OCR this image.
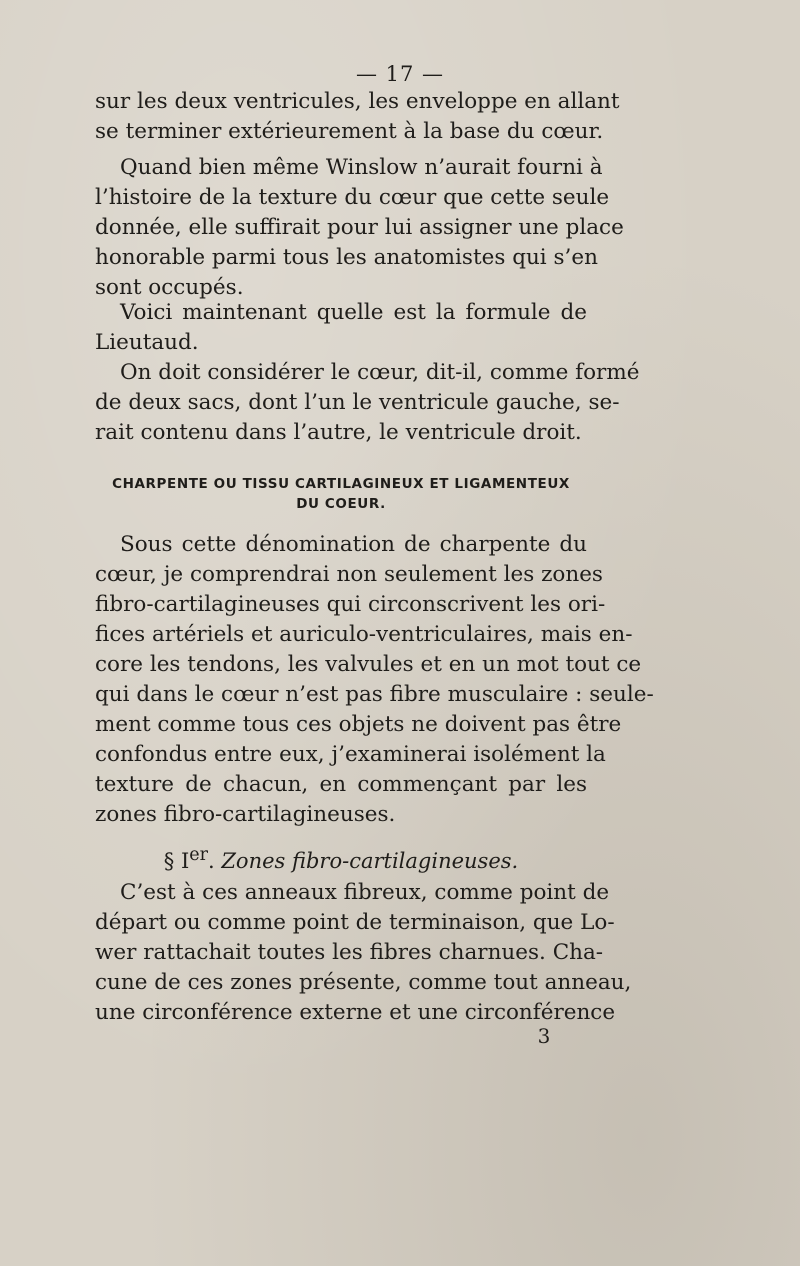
— 17 —
sur les deux ventricules, les enveloppe en allant
se terminer extérieurement à la base du cœur.
Quand bien même Winslow n’aurait fourni à
l’histoire de la texture du cœur que cette seule
donnée, elle suffirait pour lui assigner une place
honorable parmi tous les anatomistes qui s’en
sont occupés.
Voici maintenant quelle est la formule de
Lieutaud.
On doit considérer le cœur, dit-il, comme formé
de deux sacs, dont l’un le ventricule gauche, se-
rait contenu dans l’autre, le ventricule droit.
CHARPENTE OU TISSU CARTILAGINEUX ET LIGAMENTEUX
DU COEUR.
Sous cette dénomination de charpente du
cœur, je comprendrai non seulement les zones
fibro-cartilagineuses qui circonscrivent les ori-
fices artériels et auriculo-ventriculaires, mais en-
core les tendons, les valvules et en un mot tout ce
qui dans le cœur n’est pas fibre musculaire : seule-
ment comme tous ces objets ne doivent pas être
confondus entre eux, j’examinerai isolément la
texture de chacun, en commençant par les
zones fibro-cartilagineuses.
§ Ier. Zones fibro-cartilagineuses.
C’est à ces anneaux fibreux, comme point de
départ ou comme point de terminaison, que Lo-
wer rattachait toutes les fibres charnues. Cha-
cune de ces zones présente, comme tout anneau,
une circonférence externe et une circonférence
3
